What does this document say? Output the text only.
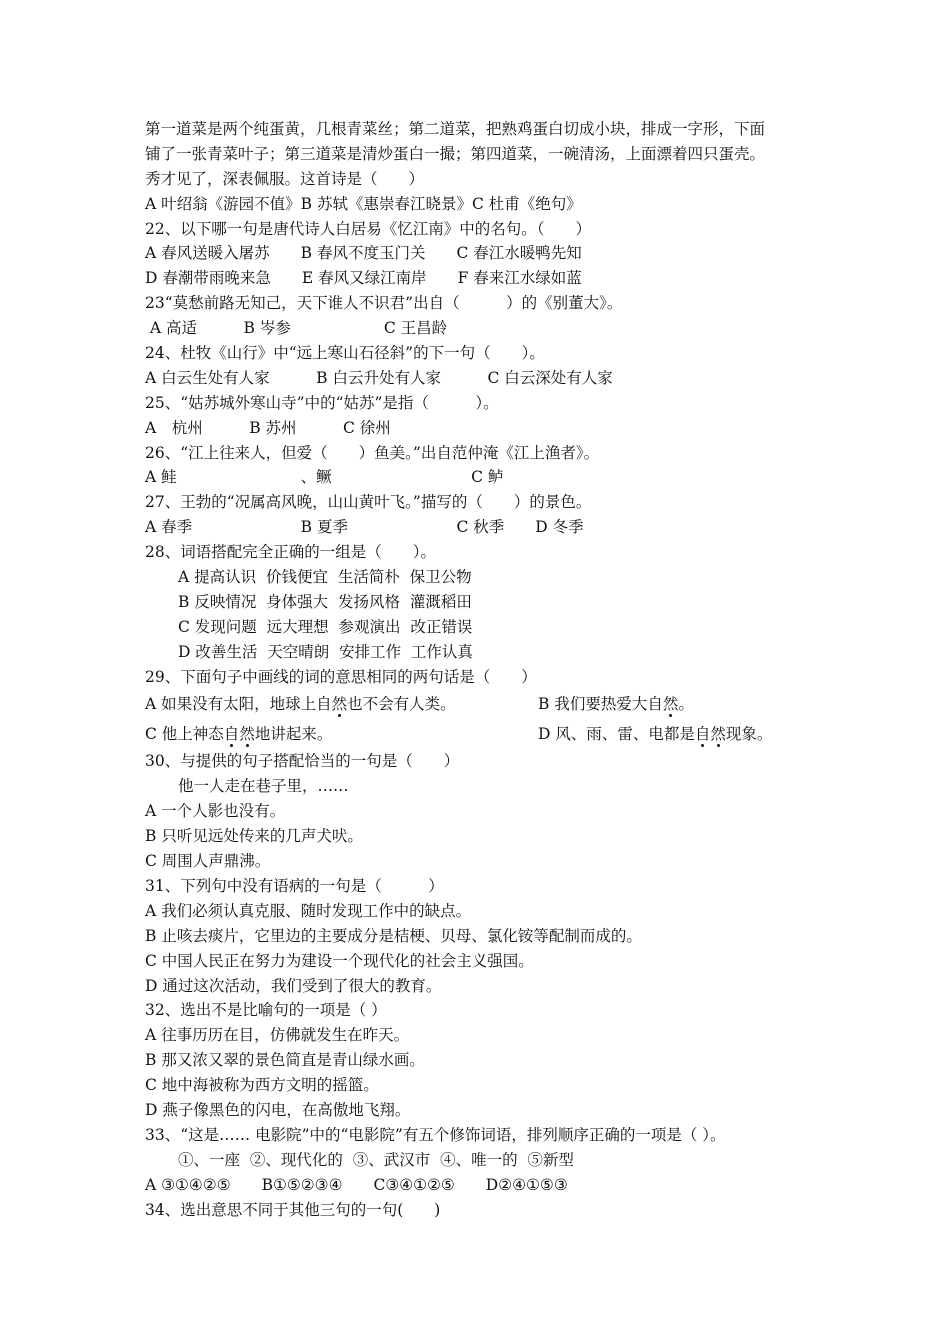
第一道菜是两个纯蛋黄，几根青菜丝；第二道菜，把熟鸡蛋白切成小块，排成一字形，下面
铺了一张青菜叶子；第三道菜是清炒蛋白一撮；第四道菜，一碗清汤，上面漂着四只蛋壳。
秀才见了，深表佩服。这首诗是（　　）
A 叶绍翁《游园不值》B 苏轼《惠崇春江晓景》C 杜甫《绝句》
22、以下哪一句是唐代诗人白居易《忆江南》中的名句。（　　）
A 春风送暖入屠苏　　B 春风不度玉门关　　C 春江水暖鸭先知
D 春潮带雨晚来急　　E 春风又绿江南岸　　F 春来江水绿如蓝
23“莫愁前路无知己，天下谁人不识君”出自（　　　）的《别董大》。
A 高适　　　B 岑参　　　　　　C 王昌龄
24、杜牧《山行》中“远上寒山石径斜”的下一句（　　）。
A 白云生处有人家　　　B 白云升处有人家　　　C 白云深处有人家
25、“姑苏城外寒山寺”中的“姑苏”是指（　　　）。
A　杭州　　　B 苏州　　　C 徐州
26、“江上往来人，但爱（　　）鱼美。”出自范仲淹《江上渔者》。
A 鲑　　　　　　　　、鳜　　　　　　　　　C 鲈
27、王勃的“况属高风晚，山山黄叶飞。”描写的（　　）的景色。
A 春季　　　　　　　B 夏季　　　　　　　C 秋季　　D 冬季
28、词语搭配完全正确的一组是（　　）。
A 提高认识  价钱便宜  生活简朴  保卫公物
B 反映情况  身体强大  发扬风格  灌溉稻田
C 发现问题  远大理想  参观演出  改正错误
D 改善生活  天空晴朗  安排工作  工作认真
29、下面句子中画线的词的意思相同的两句话是（　　）
A 如果没有太阳，地球上自然也不会有人类。	B 我们要热爱大自然。
C 他上神态自然地讲起来。	D 风、雨、雷、电都是自然现象。
30、与提供的句子搭配恰当的一句是（　　）
他一人走在巷子里，……
A 一个人影也没有。
B 只听见远处传来的几声犬吠。
C 周围人声鼎沸。
31、下列句中没有语病的一句是（　　　）
A 我们必须认真克服、随时发现工作中的缺点。
B 止咳去痰片，它里边的主要成分是桔梗、贝母、氯化铵等配制而成的。
C 中国人民正在努力为建设一个现代化的社会主义强国。
D 通过这次活动，我们受到了很大的教育。
32、选出不是比喻句的一项是（ ）
A 往事历历在目，仿佛就发生在昨天。
B 那又浓又翠的景色简直是青山绿水画。
C 地中海被称为西方文明的摇篮。
D 燕子像黑色的闪电，在高傲地飞翔。
33、“这是…… 电影院”中的“电影院”有五个修饰词语，排列顺序正确的一项是（ ）。
①、一座  ②、现代化的  ③、武汉市  ④、唯一的  ⑤新型
A ③①④②⑤　　B①⑤②③④　　C③④①②⑤　　D②④①⑤③
34、选出意思不同于其他三句的一句(　　)
